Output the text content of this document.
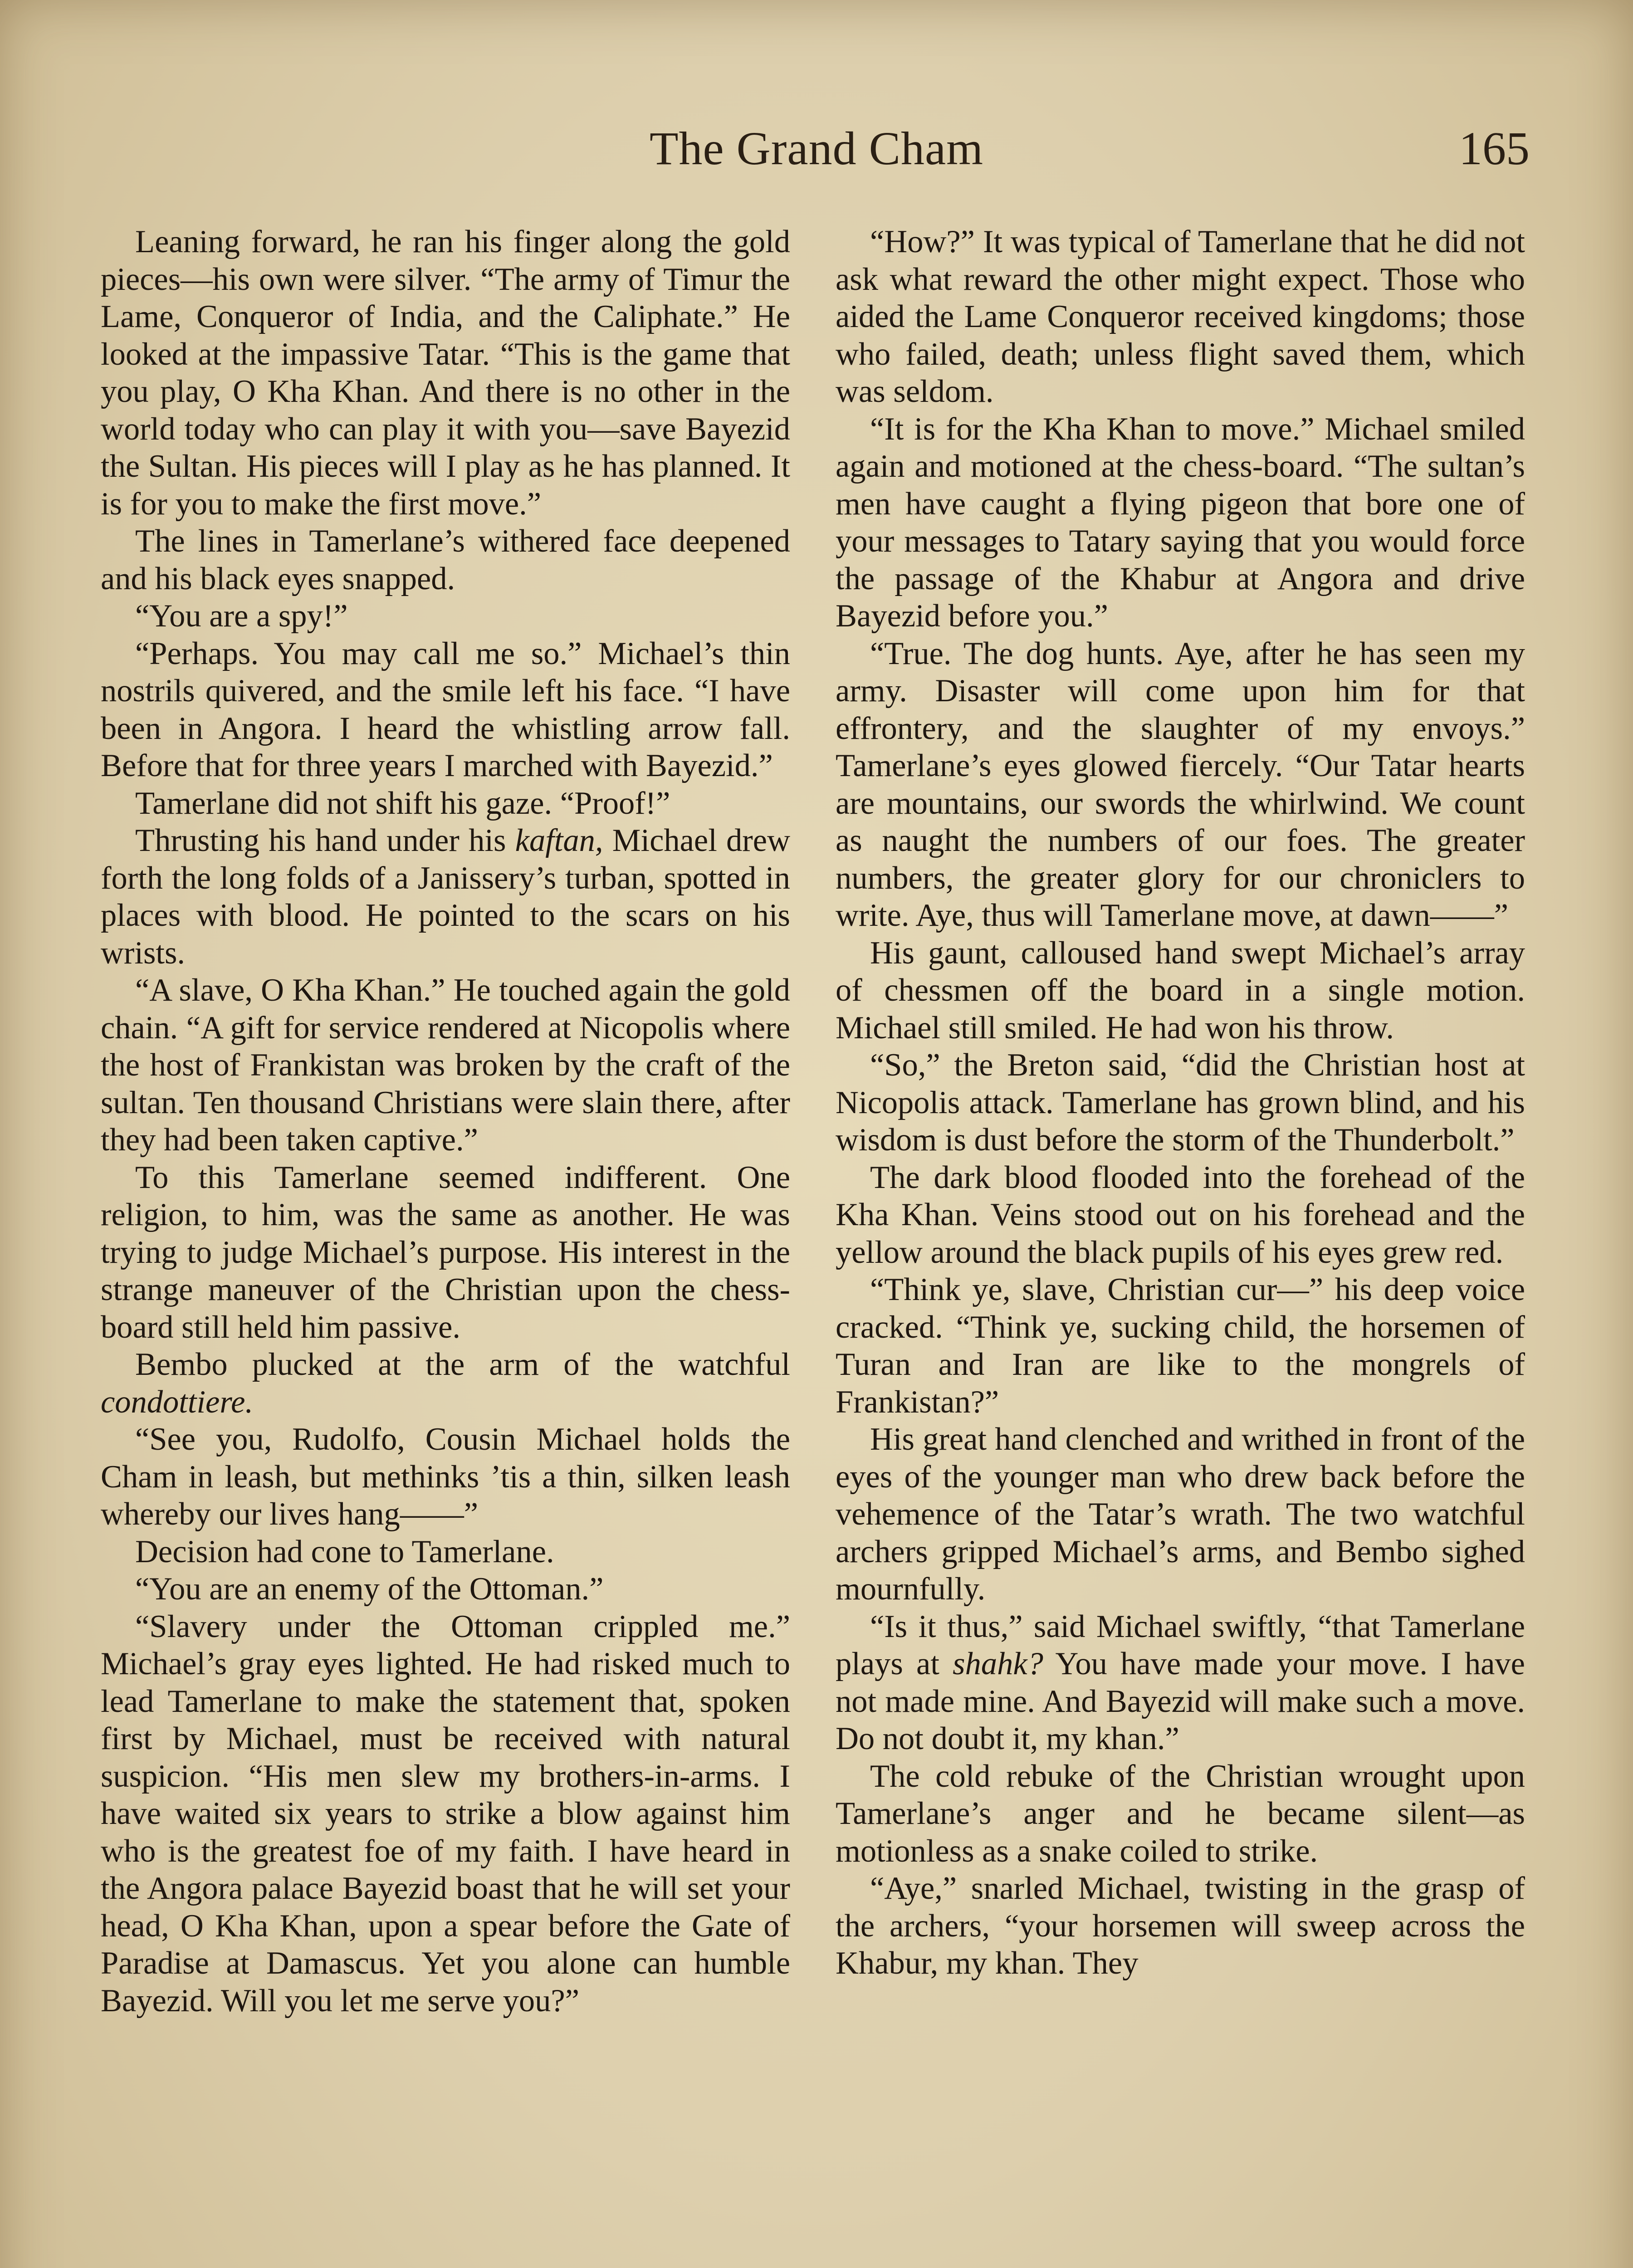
The Grand Cham	165

Leaning forward, he ran his finger along the gold pieces—his own were silver. “The army of Timur the Lame, Conqueror of India, and the Caliphate.” He looked at the impassive Tatar. “This is the game that you play, O Kha Khan. And there is no other in the world today who can play it with you—save Bayezid the Sultan. His pieces will I play as he has planned. It is for you to make the first move.”

The lines in Tamerlane’s withered face deepened and his black eyes snapped.

“You are a spy!”

“Perhaps. You may call me so.” Michael’s thin nostrils quivered, and the smile left his face. “I have been in Angora. I heard the whistling arrow fall. Before that for three years I marched with Bayezid.”

Tamerlane did not shift his gaze. “Proof!”

Thrusting his hand under his kaftan, Michael drew forth the long folds of a Janissery’s turban, spotted in places with blood. He pointed to the scars on his wrists.

“A slave, O Kha Khan.” He touched again the gold chain. “A gift for service rendered at Nicopolis where the host of Frankistan was broken by the craft of the sultan. Ten thousand Christians were slain there, after they had been taken captive.”

To this Tamerlane seemed indifferent. One religion, to him, was the same as another. He was trying to judge Michael’s purpose. His interest in the strange maneuver of the Christian upon the chessboard still held him passive.

Bembo plucked at the arm of the watchful condottiere.

“See you, Rudolfo, Cousin Michael holds the Cham in leash, but methinks ’tis a thin, silken leash whereby our lives hang——”

Decision had cone to Tamerlane.

“You are an enemy of the Ottoman.”

“Slavery under the Ottoman crippled me.” Michael’s gray eyes lighted. He had risked much to lead Tamerlane to make the statement that, spoken first by Michael, must be received with natural suspicion. “His men slew my brothers-in-arms. I have waited six years to strike a blow against him who is the greatest foe of my faith. I have heard in the Angora palace Bayezid boast that he will set your head, O Kha Khan, upon a spear before the Gate of Paradise at Damascus. Yet you alone can humble Bayezid. Will you let me serve you?”

“How?” It was typical of Tamerlane that he did not ask what reward the other might expect. Those who aided the Lame Conqueror received kingdoms; those who failed, death; unless flight saved them, which was seldom.

“It is for the Kha Khan to move.” Michael smiled again and motioned at the chess-board. “The sultan’s men have caught a flying pigeon that bore one of your messages to Tatary saying that you would force the passage of the Khabur at Angora and drive Bayezid before you.”

“True. The dog hunts. Aye, after he has seen my army. Disaster will come upon him for that effrontery, and the slaughter of my envoys.” Tamerlane’s eyes glowed fiercely. “Our Tatar hearts are mountains, our swords the whirlwind. We count as naught the numbers of our foes. The greater numbers, the greater glory for our chroniclers to write. Aye, thus will Tamerlane move, at dawn——”

His gaunt, calloused hand swept Michael’s array of chessmen off the board in a single motion. Michael still smiled. He had won his throw.

“So,” the Breton said, “did the Christian host at Nicopolis attack. Tamerlane has grown blind, and his wisdom is dust before the storm of the Thunderbolt.”

The dark blood flooded into the forehead of the Kha Khan. Veins stood out on his forehead and the yellow around the black pupils of his eyes grew red.

“Think ye, slave, Christian cur—” his deep voice cracked. “Think ye, sucking child, the horsemen of Turan and Iran are like to the mongrels of Frankistan?”

His great hand clenched and writhed in front of the eyes of the younger man who drew back before the vehemence of the Tatar’s wrath. The two watchful archers gripped Michael’s arms, and Bembo sighed mournfully.

“Is it thus,” said Michael swiftly, “that Tamerlane plays at shahk? You have made your move. I have not made mine. And Bayezid will make such a move. Do not doubt it, my khan.”

The cold rebuke of the Christian wrought upon Tamerlane’s anger and he became silent—as motionless as a snake coiled to strike.

“Aye,” snarled Michael, twisting in the grasp of the archers, “your horsemen will sweep across the Khabur, my khan. They
